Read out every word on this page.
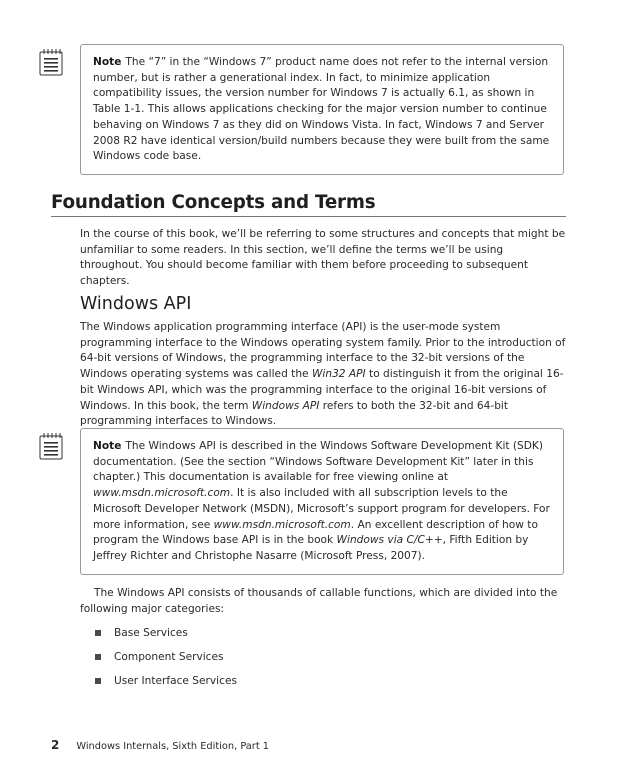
Note The “7” in the “Windows 7” product name does not refer to the internal version number, but is rather a generational index. In fact, to minimize application compatibility issues, the version number for Windows 7 is actually 6.1, as shown in Table 1-1. This allows applications checking for the major version number to continue behaving on Windows 7 as they did on Windows Vista. In fact, Windows 7 and Server 2008 R2 have identical version/build numbers because they were built from the same Windows code base.
Foundation Concepts and Terms

In the course of this book, we’ll be referring to some structures and concepts that might be unfamiliar to some readers. In this section, we’ll define the terms we’ll be using throughout. You should become familiar with them before proceeding to subsequent chapters.

Windows API

The Windows application programming interface (API) is the user-mode system programming interface to the Windows operating system family. Prior to the introduction of 64-bit versions of Windows, the programming interface to the 32-bit versions of the Windows operating systems was called the Win32 API to distinguish it from the original 16-bit Windows API, which was the programming interface to the original 16-bit versions of Windows. In this book, the term Windows API refers to both the 32-bit and 64-bit programming interfaces to Windows.

Note The Windows API is described in the Windows Software Development Kit (SDK) documentation. (See the section “Windows Software Development Kit” later in this chapter.) This documentation is available for free viewing online at www.msdn.microsoft.com. It is also included with all subscription levels to the Microsoft Developer Network (MSDN), Microsoft’s support program for developers. For more information, see www.msdn.microsoft.com. An excellent description of how to program the Windows base API is in the book Windows via C/C++, Fifth Edition by Jeffrey Richter and Christophe Nasarre (Microsoft Press, 2007).

The Windows API consists of thousands of callable functions, which are divided into the following major categories:

Base Services
Component Services
User Interface Services
2 Windows Internals, Sixth Edition, Part 1
